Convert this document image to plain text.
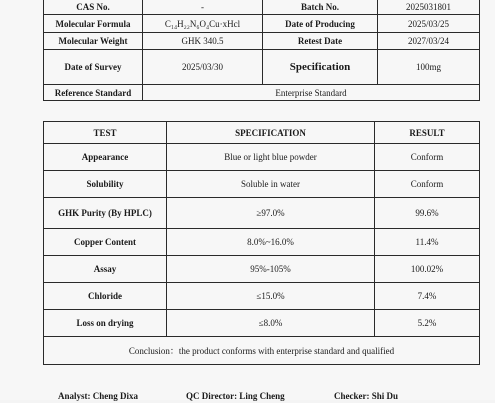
CAS No.	-	Batch No.	2025031801
Molecular Formula	C₁₄H₂₂N₆O₄Cu·xHcl	Date of Producing	2025/03/25
Molecular Weight	GHK 340.5	Retest Date	2027/03/24
Date of Survey	2025/03/30	Specification	100mg
Reference Standard	Enterprise Standard		
TEST	SPECIFICATION	RESULT
Appearance	Blue or light blue powder	Conform
Solubility	Soluble in water	Conform
GHK Purity (By HPLC)	≥97.0%	99.6%
Copper Content	8.0%~16.0%	11.4%
Assay	95%-105%	100.02%
Chloride	≤15.0%	7.4%
Loss on drying	≤8.0%	5.2%
Conclusion：the product conforms with enterprise standard and qualified		
Analyst: Cheng Dixa	QC Director: Ling Cheng	Checker: Shi Du
